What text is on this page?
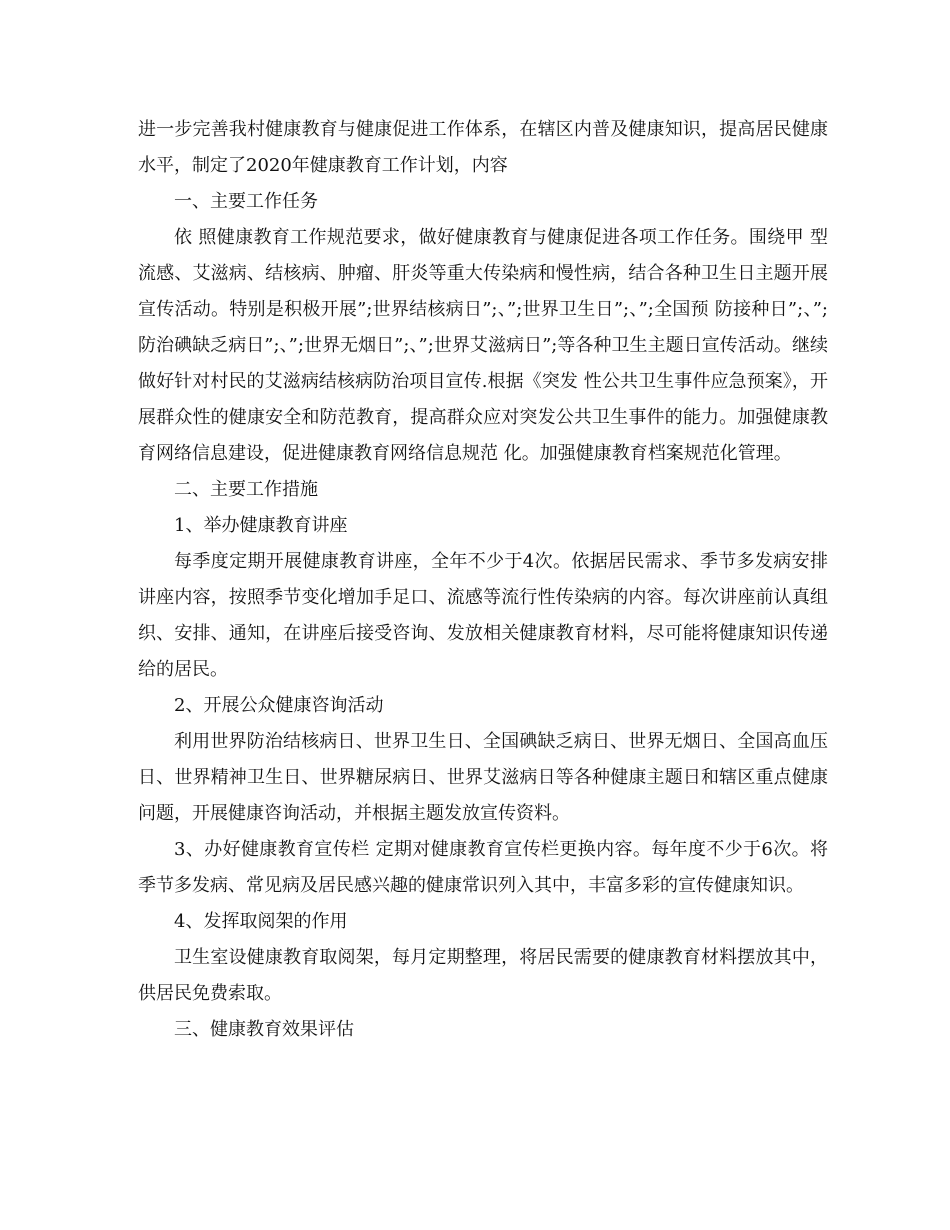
进一步完善我村健康教育与健康促进工作体系，在辖区内普及健康知识，提高居民健康水平，制定了2020年健康教育工作计划，内容

一、主要工作任务

依 照健康教育工作规范要求，做好健康教育与健康促进各项工作任务。围绕甲 型流感、艾滋病、结核病、肿瘤、肝炎等重大传染病和慢性病，结合各种卫生日主题开展宣传活动。特别是积极开展”;世界结核病日”;、”;世界卫生日”;、”;全国预 防接种日”;、”;防治碘缺乏病日”;、”;世界无烟日”;、”;世界艾滋病日”;等各种卫生主题日宣传活动。继续做好针对村民的艾滋病结核病防治项目宣传.根据《突发 性公共卫生事件应急预案》，开展群众性的健康安全和防范教育，提高群众应对突发公共卫生事件的能力。加强健康教育网络信息建设，促进健康教育网络信息规范 化。加强健康教育档案规范化管理。

二、主要工作措施

1、举办健康教育讲座

每季度定期开展健康教育讲座，全年不少于4次。依据居民需求、季节多发病安排讲座内容，按照季节变化增加手足口、流感等流行性传染病的内容。每次讲座前认真组织、安排、通知，在讲座后接受咨询、发放相关健康教育材料，尽可能将健康知识传递给的居民。

2、开展公众健康咨询活动

利用世界防治结核病日、世界卫生日、全国碘缺乏病日、世界无烟日、全国高血压日、世界精神卫生日、世界糖尿病日、世界艾滋病日等各种健康主题日和辖区重点健康问题，开展健康咨询活动，并根据主题发放宣传资料。

3、办好健康教育宣传栏 定期对健康教育宣传栏更换内容。每年度不少于6次。将季节多发病、常见病及居民感兴趣的健康常识列入其中，丰富多彩的宣传健康知识。

4、发挥取阅架的作用

卫生室设健康教育取阅架，每月定期整理，将居民需要的健康教育材料摆放其中，供居民免费索取。

三、健康教育效果评估
